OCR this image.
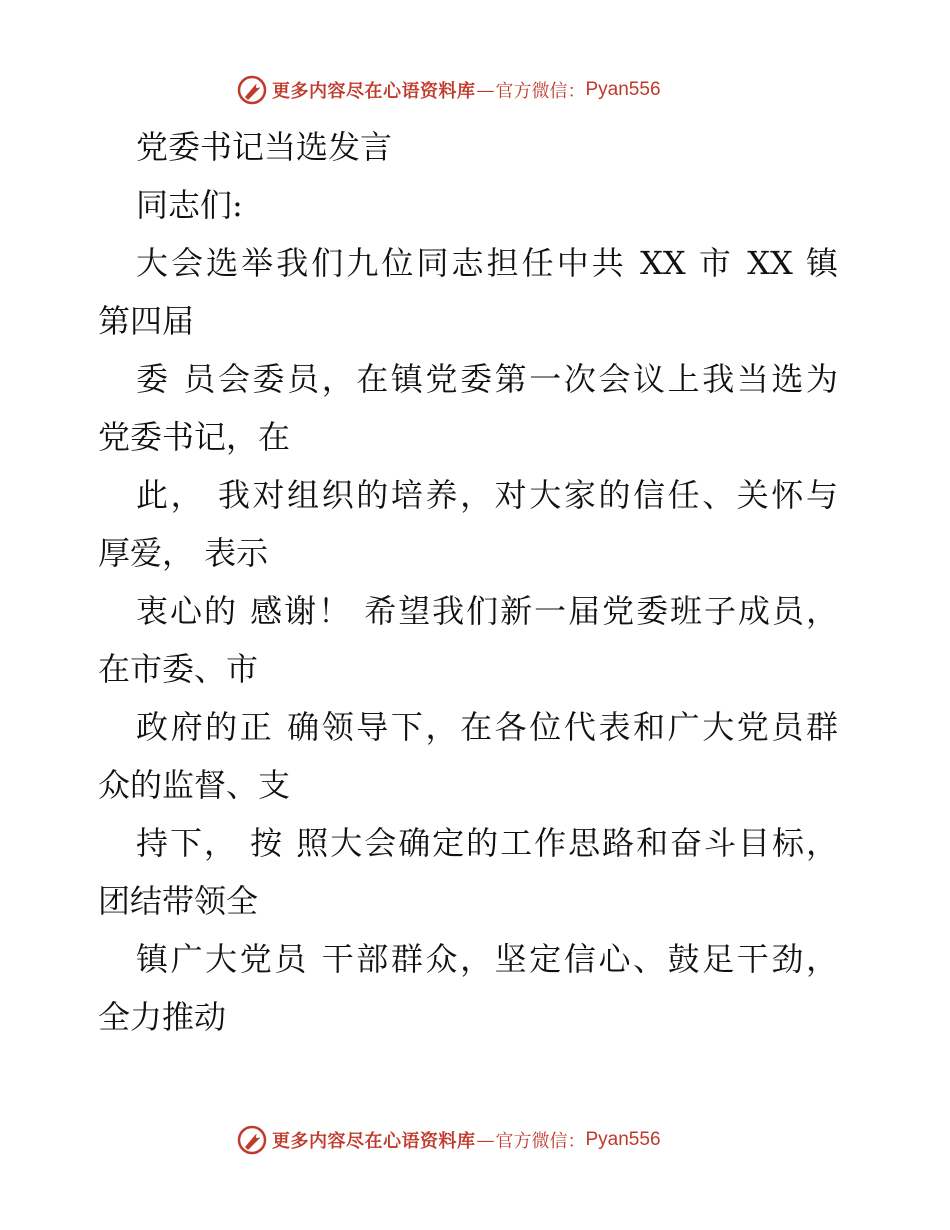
更多内容尽在心语资料库 — 官方微信： Pyan556
党委书记当选发言
同志们:
大会选举我们九位同志担任中共 XX 市 XX 镇
第四届
委 员会委员，在镇党委第一次会议上我当选为
党委书记，在
此， 我对组织的培养，对大家的信任、关怀与
厚爱， 表示
衷心的 感谢！ 希望我们新一届党委班子成员，
在市委、市
政府的正 确领导下，在各位代表和广大党员群
众的监督、支
持下， 按 照大会确定的工作思路和奋斗目标，
团结带领全
镇广大党员 干部群众，坚定信心、鼓足干劲，
全力推动
更多内容尽在心语资料库 — 官方微信： Pyan556
